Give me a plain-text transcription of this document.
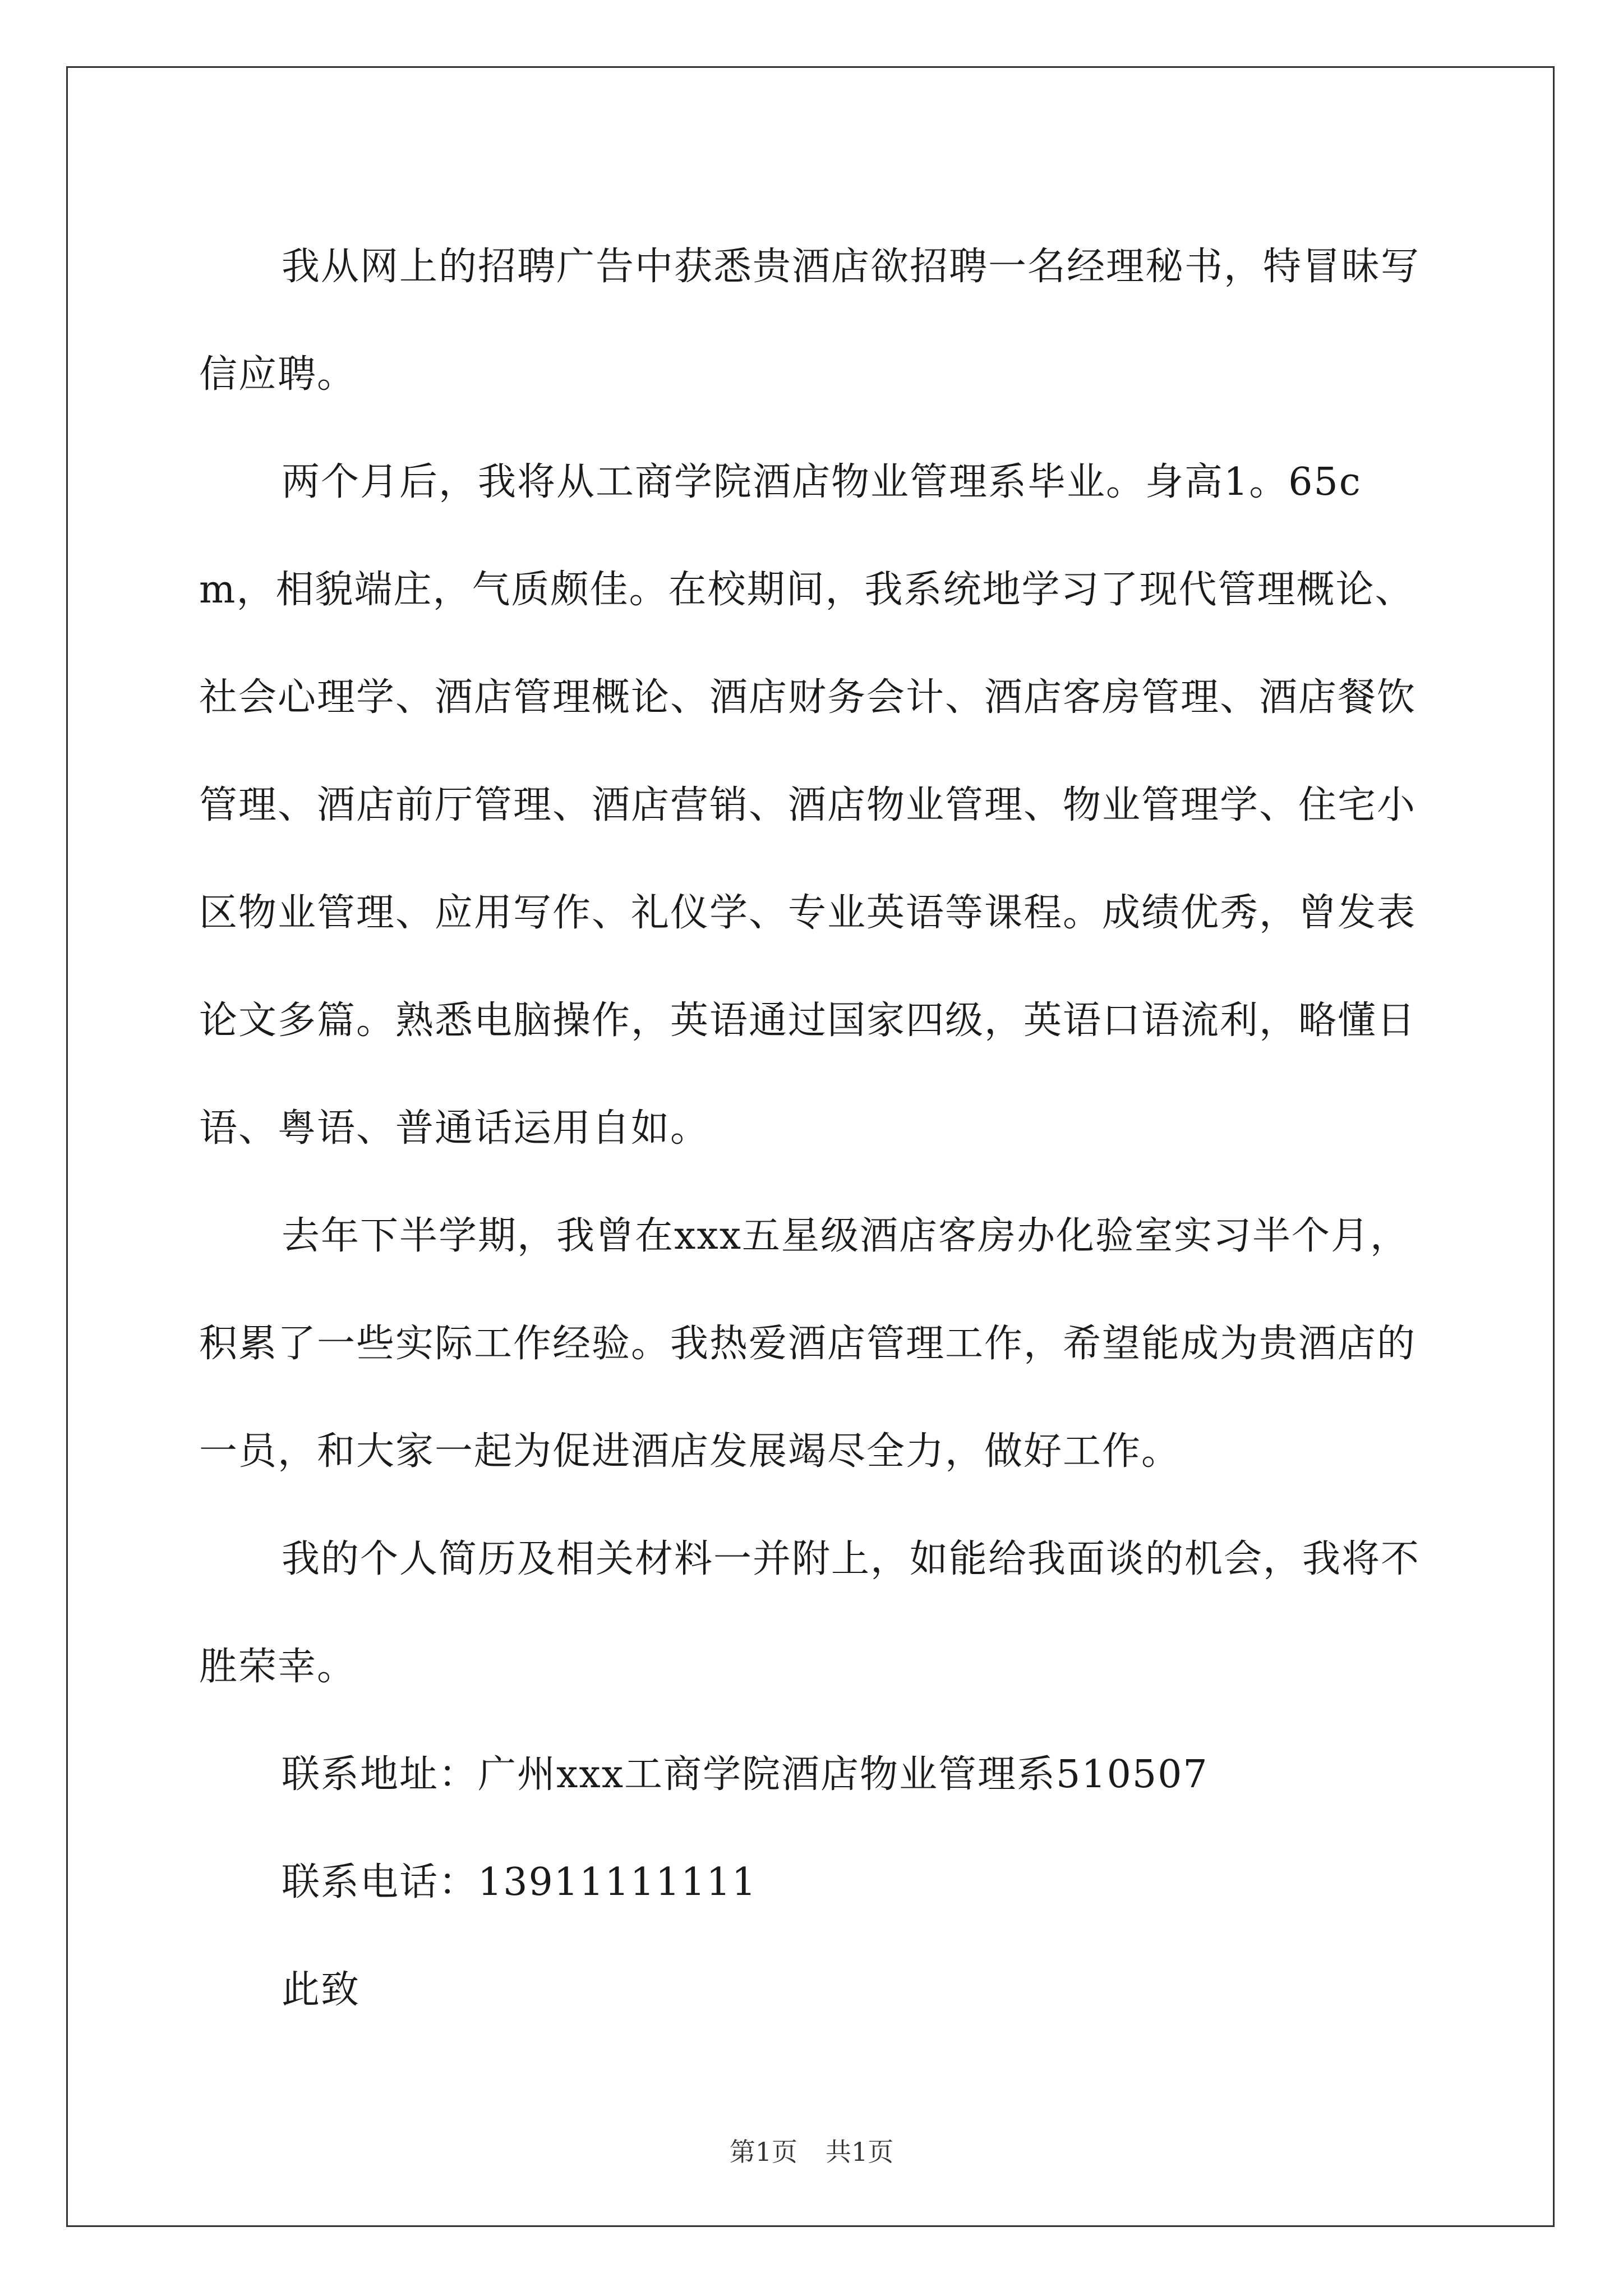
我从网上的招聘广告中获悉贵酒店欲招聘一名经理秘书，特冒昧写信应聘。

两个月后，我将从工商学院酒店物业管理系毕业。身高1。65cm，相貌端庄，气质颇佳。在校期间，我系统地学习了现代管理概论、社会心理学、酒店管理概论、酒店财务会计、酒店客房管理、酒店餐饮管理、酒店前厅管理、酒店营销、酒店物业管理、物业管理学、住宅小区物业管理、应用写作、礼仪学、专业英语等课程。成绩优秀，曾发表论文多篇。熟悉电脑操作，英语通过国家四级，英语口语流利，略懂日语、粤语、普通话运用自如。

去年下半学期，我曾在xxx五星级酒店客房办化验室实习半个月，积累了一些实际工作经验。我热爱酒店管理工作，希望能成为贵酒店的一员，和大家一起为促进酒店发展竭尽全力，做好工作。

我的个人简历及相关材料一并附上，如能给我面谈的机会，我将不胜荣幸。

联系地址：广州xxx工商学院酒店物业管理系510507

联系电话：13911111111

此致

第1页 共1页
